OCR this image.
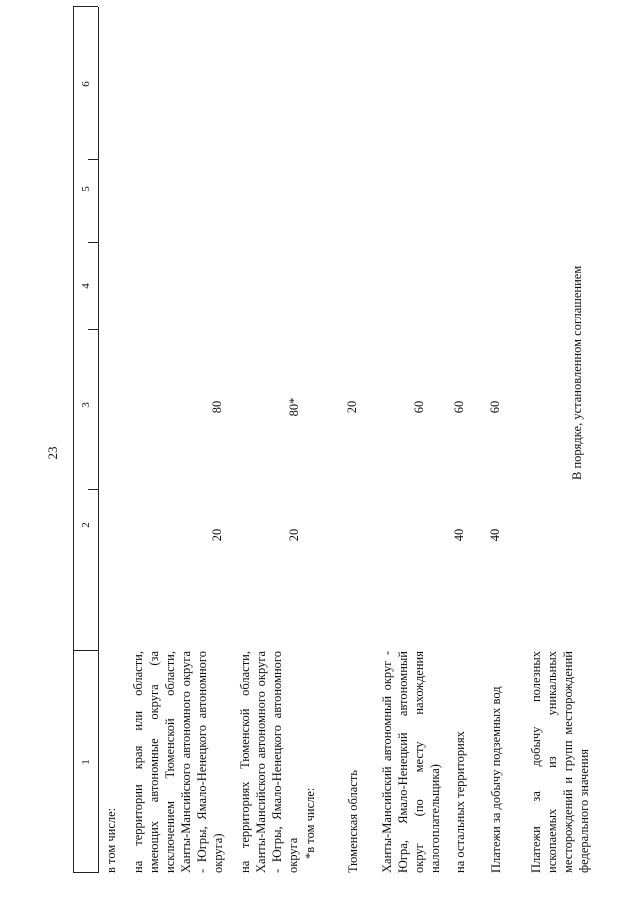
23
1
2
3
4
5
6
в том числе: на территории края или области, имеющих автономные округа (за исключением Тюменской области, Ханты-Мансийского автономного округа - Югры, Ямало-Ненецкого автономного округа)
20
80
на территориях Тюменской области, Ханты-Мансийского автономного округа - Югры, Ямало-Ненецкого автономного округа
20
80*
*в том числе: Тюменская область
20
Ханты-Мансийский автономный округ - Югра, Ямало-Ненецкий автономный округ (по месту нахождения налогоплательщика)
60
на остальных территориях
40
60
Платежи за добычу подземных вод
40
60
Платежи за добычу полезных ископаемых из уникальных месторождений и групп месторождений федерального значения
В порядке, установленном соглашением
